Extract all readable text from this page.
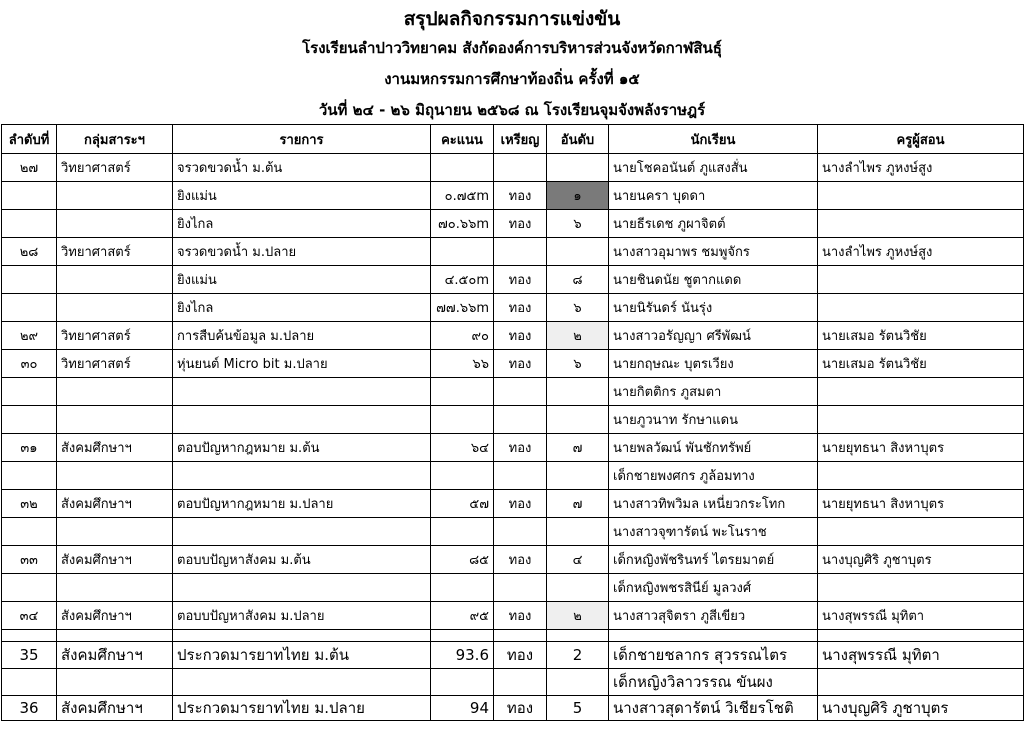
สรุปผลกิจกรรมการแข่งขัน
โรงเรียนลำปาววิทยาคม สังกัดองค์การบริหารส่วนจังหวัดกาฬสินธุ์
งานมหกรรมการศึกษาท้องถิ่น ครั้งที่ ๑๕
วันที่ ๒๔ - ๒๖ มิถุนายน ๒๕๖๘ ณ โรงเรียนจุมจังพลังราษฎร์
ลำดับที่	กลุ่มสาระฯ	รายการ	คะแนน	เหรียญ	อันดับ	นักเรียน	ครูผู้สอน
๒๗	วิทยาศาสตร์	จรวดขวดน้ำ ม.ต้น				นายโชคอนันต์ ภูแสงสั่น	นางลำไพร ภูหงษ์สูง
		ยิงแม่น	๐.๗๕m	ทอง	๑	นายนครา บุดดา	
		ยิงไกล	๗๐.๖๖m	ทอง	๖	นายธีรเดช ภูผาจิตต์	
๒๘	วิทยาศาสตร์	จรวดขวดน้ำ ม.ปลาย				นางสาวอุมาพร ชมพูจักร	นางลำไพร ภูหงษ์สูง
		ยิงแม่น	๔.๕๐m	ทอง	๘	นายชินดนัย ชูตากแดด	
		ยิงไกล	๗๗.๖๖m	ทอง	๖	นายนิรันดร์ นันรุ่ง	
๒๙	วิทยาศาสตร์	การสืบค้นข้อมูล ม.ปลาย	๙๐	ทอง	๒	นางสาวอรัญญา ศรีพัฒน์	นายเสมอ รัตนวิชัย
๓๐	วิทยาศาสตร์	หุ่นยนต์ Micro bit ม.ปลาย	๖๖	ทอง	๖	นายกฤษณะ บุตรเวียง	นายเสมอ รัตนวิชัย
						นายกิตติกร ภูสมตา	
						นายภูวนาท รักษาแดน	
๓๑	สังคมศึกษาฯ	ตอบปัญหากฎหมาย ม.ต้น	๖๔	ทอง	๗	นายพลวัฒน์ พันชักทรัพย์	นายยุทธนา สิงหาบุตร
						เด็กชายพงศกร ภูล้อมทาง	
๓๒	สังคมศึกษาฯ	ตอบปัญหากฎหมาย ม.ปลาย	๕๗	ทอง	๗	นางสาวทิพวิมล เหนี่ยวกระโทก	นายยุทธนา สิงหาบุตร
						นางสาวจุฑารัตน์ พะโนราช	
๓๓	สังคมศึกษาฯ	ตอบบปัญหาสังคม ม.ต้น	๘๕	ทอง	๔	เด็กหญิงพัชรินทร์ ไตรยมาตย์	นางบุญศิริ ภูชาบุตร
						เด็กหญิงพชรสินีย์ มูลวงศ์	
๓๔	สังคมศึกษาฯ	ตอบบปัญหาสังคม ม.ปลาย	๙๕	ทอง	๒	นางสาวสุจิตรา ภูสีเขียว	นางสุพรรณี มุทิตา

35	สังคมศึกษาฯ	ประกวดมารยาทไทย ม.ต้น	93.6	ทอง	2	เด็กชายชลากร สุวรรณไตร	นางสุพรรณี มุทิตา
						เด็กหญิงวิลาวรรณ ขันผง	
36	สังคมศึกษาฯ	ประกวดมารยาทไทย ม.ปลาย	94	ทอง	5	นางสาวสุดารัตน์ วิเชียรโชติ	นางบุญศิริ ภูชาบุตร
